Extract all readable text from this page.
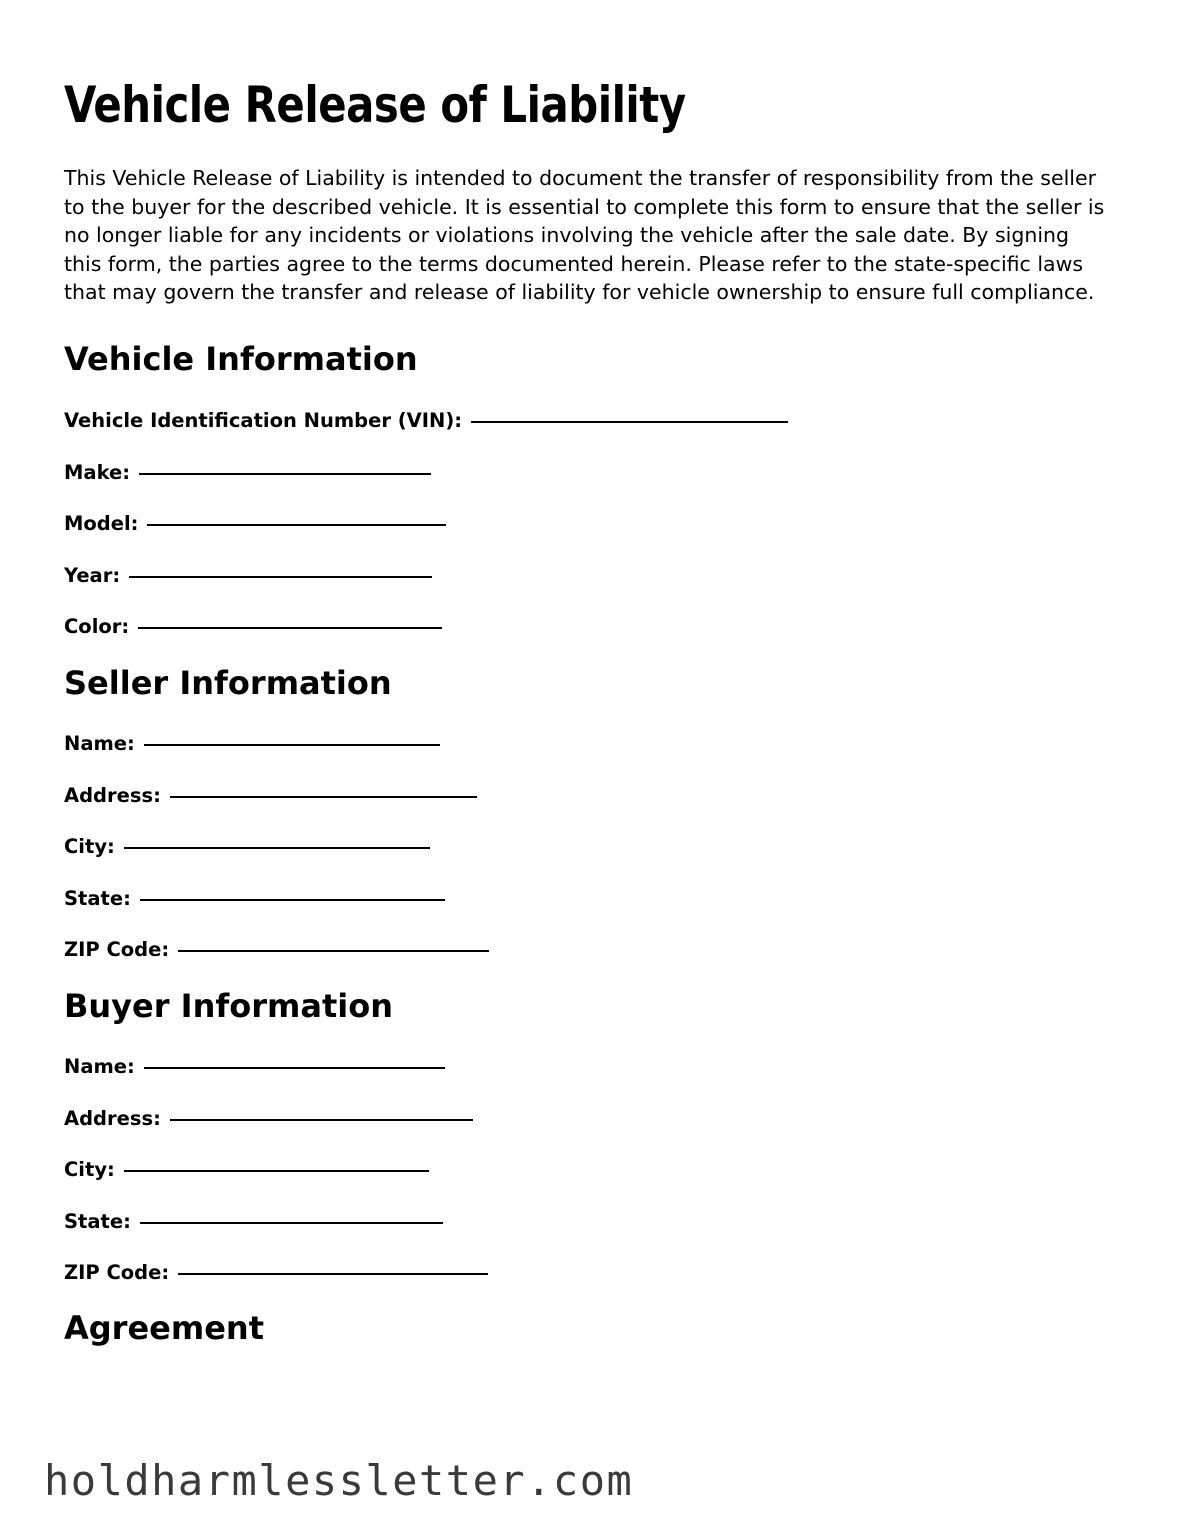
Vehicle Release of Liability

This Vehicle Release of Liability is intended to document the transfer of responsibility from the seller to the buyer for the described vehicle. It is essential to complete this form to ensure that the seller is no longer liable for any incidents or violations involving the vehicle after the sale date. By signing this form, the parties agree to the terms documented herein. Please refer to the state-specific laws that may govern the transfer and release of liability for vehicle ownership to ensure full compliance.

Vehicle Information
Vehicle Identification Number (VIN):
Make:
Model:
Year:
Color:
Seller Information
Name:
Address:
City:
State:
ZIP Code:
Buyer Information
Name:
Address:
City:
State:
ZIP Code:
Agreement
holdharmlessletter.com
